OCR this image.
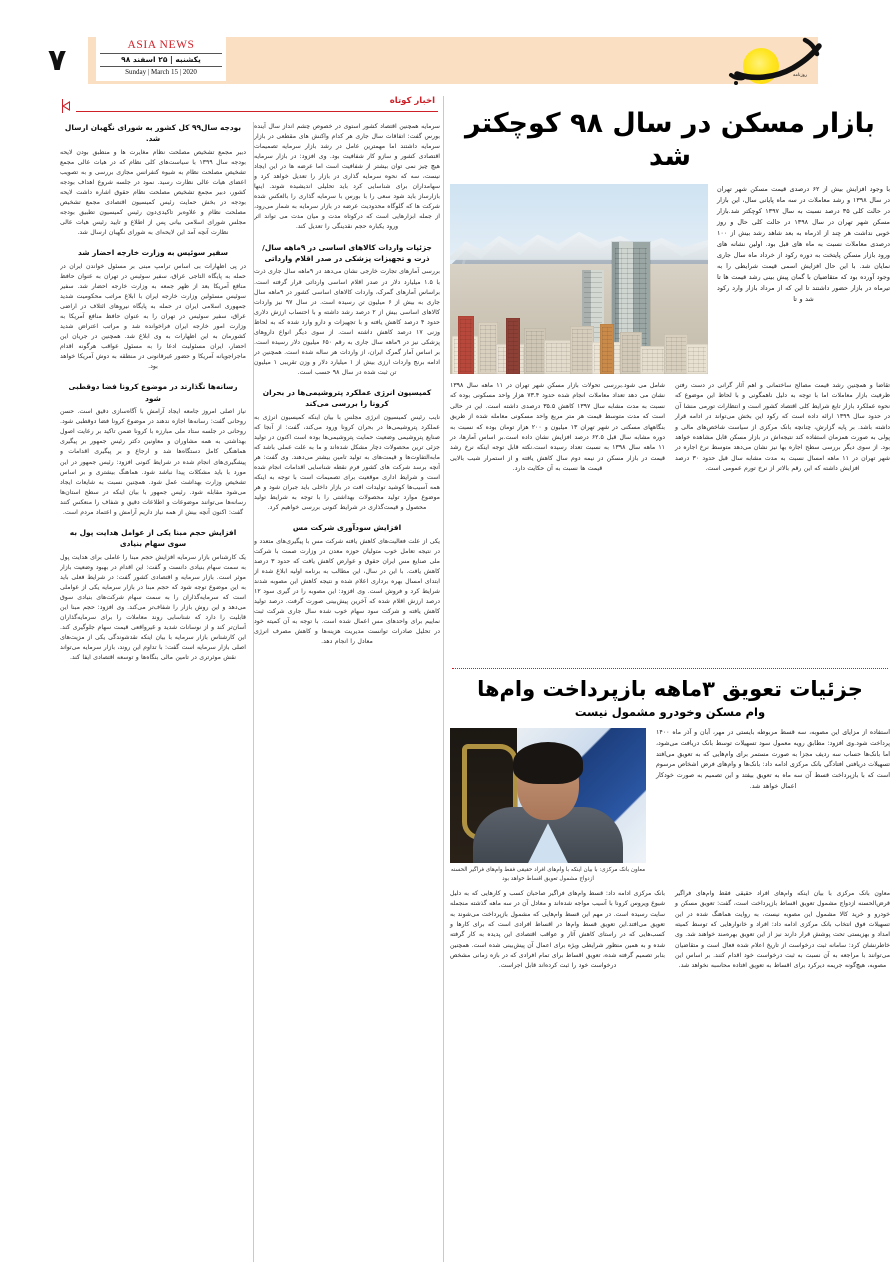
۷	ASIA NEWS
یکشنبه | ۲۵ اسفند ۹۸
Sunday | March 15 | 2020	روزنامه
اخبار کوتاه
سرمایه همچنین اقتصاد کشور استوی در خصوص چشم انداز سال آینده بورس گفت: اتفاقات سال جاری هر کدام واکنش های مقطعی در بازار سرمایه داشتند اما مهمترین عامل در رشد بازار سرمایه تصمیمات اقتصادی کشور و سازو کار شفافیت بود. وی افزود: در بازار سرمایه هیچ چیز نمی توان بیشتر از شفافیت است اما عرضه ها در این ایجاد نیست، سه که نحوه سرمایه گذاری در بازار را تعدیل خواهد کرد و سهامداران برای شناسایی کرد باید تحلیلی اندیشیده شوند. اینها بازارساز باید شود سعی را با بورس با سرمایه گذاری را بالعکس شده شرکت ها که گلوگاه محدودیت عرضه در بازار سرمایه به شمار می‌رود، از جمله ابزارهایی است که درکوتاه مدت و میان مدت می تواند اثر ورود یکباره حجم نقدینگی را تعدیل کند.
جزئیات واردات کالاهای اساسی در ۹ماهه سال/ ذرت و تجهیزات پزشکی در صدر اقلام وارداتی
بررسی آمارهای تجارت خارجی نشان می‌دهد در ۹ماهه سال جاری ذرت با ۱.۵ میلیارد دلار در صدر اقلام اساسی وارداتی قرار گرفته است. براساس آمارهای گمرک، واردات کالاهای اساسی کشور در ۹ماهه سال جاری به بیش از ۶ میلیون تن رسیده است. در سال ۹۷ نیز واردات کالاهای اساسی بیش از ۲ درصد رشد داشته و با احتساب ارزش دلاری حدود ۴ درصد کاهش یافته و با تجهیزات و دارو وارد شده که به لحاظ وزنی ۱۷ درصد کاهش داشته است. از سوی دیگر انواع داروهای پزشکی نیز در ۹ماهه سال جاری به رقم ۶۵۰ میلیون دلار رسیده است. بر اساس آمار گمرک ایران، از واردات هر ساله شده است. همچنین در ادامه برنج واردات ارزی بیش از ۱ میلیارد دلار و وزن تقریبی ۱ میلیون تن ثبت شده در سال ۹۸ حسب است.
کمیسیون انرژی عملکرد پتروشیمی‌ها در بحران کرونا را بررسی می‌کند
نایب رئیس کمیسیون انرژی مجلس با بیان اینکه کمیسیون انرژی به عملکرد پتروشیمی‌ها در بحران کرونا ورود می‌کند، گفت: از آنجا که صنایع پتروشیمی وضعیت حمایت پتروشیمی‌ها بوده است اکنون در تولید جزئی ترین محصولات دچار مشکل شده‌اند و ما به علت عملی باشد که مابه‌التفاوت‌ها و قیمت‌های به تولید تامین بیشتر می‌دهند. وی گفت: هر آنچه برسد شرکت های کشور فرم نقطه شناسایی اقدامات انجام شده است و شرایط اداری موقعیت برای تصمیمات است با توجه به اینکه همه آسیب‌ها کوشید تولیدات افت در بازار داخلی باید جبران شود و هر موضوع موارد تولید محصولات بهداشتی را با توجه به شرایط تولید محصول و قیمت‌گذاری در شرایط کنونی بررسی خواهیم کرد.
افزایش سودآوری شرکت مس
یکی از علت فعالیت‌های کاهش یافته شرکت مس با پیگیری‌های متعدد و در نتیجه تعامل خوب متولیان حوزه معدن در وزارت صمت با شرکت ملی صنایع مس ایران حقوق و عوارض کاهش یافت که حدود ۳ درصد کاهش یافت. با این در سال، این مطالب به برنامه اولیه ابلاغ شده از ابتدای امسال بهره برداری اعلام شده و نتیجه کاهش این مصوبه شدند شرایط کرد و فروش است. وی افزود: این مصوبه را در گیری سود ۱۲ درصد ارزش اقلام شده که آخرین پیش‌بینی صورت گرفت. درصد تولید کاهش یافته و شرکت سود سهام خوب شده سال جاری شرکت ثبت نماییم برای واحدهای مس اعمال شده است. با توجه به آن کمیته خود در تحلیل صادرات توانست مدیریت هزینه‌ها و کاهش مصرف انرژی معادل را انجام دهد.
بودجه سال۹۹ کل کشور به شورای نگهبان ارسال شد.
دبیر مجمع تشخیص مصلحت نظام مغایرت ها و منطبق بودن لایحه بودجه سال ۱۳۹۹ با سیاست‌های کلی نظام که در هیات عالی مجمع تشخیص مصلحت نظام به شیوه کنفرانس مجازی بررسی و به تصویب اعضای هیات عالی نظارت رسید. نمود در جلسه شروع اهداف بودجه کشور، دبیر مجمع تشخیص مصلحت نظام حقوق اشاره داشت لایحه بودجه در بخش حمایت رئیس کمیسیون اقتصادی مجمع تشخیص مصلحت نظام و علاوه‌بر تاکیدی‌دون رئیس کمیسیون تطبیق بودجه مجلس شورای اسلامی بیانی پس از اطلاع و تایید رئیس هیات عالی نظارت آنچه آمد این لایحه‌ای به شورای نگهبان ارسال شد.
سفیر سوئیس به وزارت خارجه احضار شد
در پی اظهارات بی اساس ترامپ مبنی بر مسئول خواندن ایران در حمله به پایگاه التاجی عراق، سفیر سوئیس در تهران به عنوان حافظ منافع آمریکا بعد از ظهر جمعه به وزارت خارجه احضار شد. سفیر سوئیس مسئولین وزارت خارجه ایران با ابلاغ مراتب محکومیت شدید جمهوری اسلامی ایران در حمله به پایگاه نیروهای ائتلاف در اراضی عراق، سفیر سوئیس در تهران را به عنوان حافظ منافع آمریکا به وزارت امور خارجه ایران فراخوانده شد و مراتب اعتراض شدید کشورمان به این اظهارات به وی ابلاغ شد. همچنین در جریان این احضار، ایران مسئولیت ادعا را به مسئول عواقب هرگونه اقدام ماجراجویانه آمریکا و حضور غیرقانونی در منطقه به دوش آمریکا خواهد بود.
رسانه‌ها نگذارند در موضوع کرونا فضا دوقطبی شود
نیاز اصلی امروز جامعه ایجاد آرامش با آگاه‌سازی دقیق است. حسن روحانی گفت: رسانه‌ها اجازه ندهند در موضوع کرونا فضا دوقطبی شود. روحانی در جلسه ستاد ملی مبارزه با کرونا ضمن تاکید بر رعایت اصول بهداشتی به همه مشاوران و معاونین دکتر رئیس جمهور بر پیگیری هماهنگی کامل دستگاه‌ها شد و ارجاع و بر پیگیری اقدامات و پیشگیری‌های انجام شده در شرایط کنونی افزود: رئیس جمهور در این مورد با باید مشکلات پیدا نباشد شود. هماهنگ بیشتری و بر اساس تشخیص وزارت بهداشت عمل شود. همچنین نسبت به شایعات ایجاد می‌شود مقابله شود. رئیس جمهور با بیان اینکه در سطح استان‌ها رسانه‌ها می‌توانند موضوعات و اطلاعات دقیق و شفاف را منعکس کنند گفت: اکنون آنچه بیش از همه نیاز داریم آرامش و اعتماد مردم است.
افزایش حجم مبنا یکی از عوامل هدایت پول به سوی سهام بنیادی
یک کارشناس بازار سرمایه افزایش حجم مبنا را عاملی برای هدایت پول به سمت سهام بنیادی دانست و گفت: این اقدام در بهبود وضعیت بازار موثر است. بازار سرمایه و اقتصادی کشور گفت: در شرایط فعلی باید به این موضوع توجه شود که حجم مبنا در بازار سرمایه یکی از عواملی است که سرمایه‌گذاران را به سمت سهام شرکت‌های بنیادی سوق می‌دهد و این روش بازار را شفاف‌تر می‌کند. وی افزود: حجم مبنا این قابلیت را دارد که شناسایی روند معاملات را برای سرمایه‌گذاران آسان‌تر کند و از نوسانات شدید و غیرواقعی قیمت سهام جلوگیری کند. این کارشناس بازار سرمایه با بیان اینکه نقدشوندگی یکی از مزیت‌های اصلی بازار سرمایه است گفت: با تداوم این روند، بازار سرمایه می‌تواند نقش موثرتری در تامین مالی بنگاه‌ها و توسعه اقتصادی ایفا کند.
بازار مسکن در سال ۹۸ کوچکتر شد
با وجود افزایش بیش از ۶۲ درصدی قیمت مسکن شهر تهران در سال ۱۳۹۸ و رشد معاملات در سه ماه پایانی سال، این بازار در حالت کلی ۳۵ درصد نسبت به سال ۱۳۹۷ کوچکتر شد.بازار مسکن شهر تهران در سال ۱۳۹۸ در حالت کلی حال و روز خوبی نداشت هر چند از اذرماه به بعد شاهد رشد بیش از ۱۰۰ درصدی معاملات نسبت به ماه های قبل بود. اولین نشانه های ورود بازار مسکن پایتخت به دوره رکود از خرداد ماه سال جاری نمایان شد. با این حال افزایش اسمی قیمت شرایطی را به وجود آورده بود که متقاضیان با گمان پیش بینی رشد قیمت ها تا تیرماه در بازار حضور داشتند تا این که از مرداد بازار وارد رکود شد و تا
شامل می شود.بررسی تحولات بازار مسکن شهر تهران در ۱۱ ماهه سال ۱۳۹۸ نشان می دهد تعداد معاملات انجام شده حدود ۷۳.۴ هزار واحد مسکونی بوده که نسبت به مدت مشابه سال ۱۳۹۷ کاهش ۳۵.۵ درصدی داشته است. این در حالی است که مدت متوسط قیمت هر متر مربع واحد مسکونی معامله شده از طریق بنگاههای مسکنی در شهر تهران ۱۳ میلیون و ۲۰۰ هزار تومان بوده که نسبت به دوره مشابه سال قبل ۶۲.۵ درصد افزایش نشان داده است.بر اساس آمارها، در ۱۱ ماهه سال ۱۳۹۸ به نسبت تعداد رسیده است.نکته قابل توجه اینکه نرخ رشد قیمت در بازار مسکن در نیمه دوم سال کاهش یافته و از استمرار شیب بالایی قیمت ها نسبت به آن حکایت دارد.
تقاضا و همچنین رشد قیمت مصالح ساختمانی و اهم آثار گرانی در دست رفتن ظرفیت بازار معاملات اما با توجه به دلیل ناهمگونی و با لحاظ این موضوع که نحوه عملکرد بازار تابع شرایط کلی اقتصاد کشور است و انتظارات تورمی منشا آن در حدود سال ۱۳۹۹ ارائه داده است که رکود این بخش می‌تواند در ادامه قرار داشته باشد. بر پایه گزارش، چنانچه بانک مرکزی از سیاست شاخص‌های مالی و پولی به صورت همزمان استفاده کند نتیجه‌اش در بازار مسکن قابل مشاهده خواهد بود. از سوی دیگر بررسی سطح اجاره بها نیز نشان می‌دهد متوسط نرخ اجاره در شهر تهران در ۱۱ ماهه امسال نسبت به مدت مشابه سال قبل حدود ۳۰ درصد افزایش داشته که این رقم بالاتر از نرخ تورم عمومی است.
جزئیات تعویق ۳ماهه بازپرداخت وام‌ها
وام مسکن وخودرو مشمول نیست
معاون بانک مرکزی: با بیان اینکه با وام‌های افراد حقیقی فقط وام‌های فراگیر الحسنه ازدواج مشمول تعویق اقساط خواهد بود
استفاده از مزایای این مصوبه، سه قسط مربوطه بایستی در مهر، آبان و آذر ماه ۱۴۰۰ پرداخت شود.وی افزود: مطابق رویه معمول سود تسهیلات توسط بانک دریافت می‌شود، اما بانک‌ها حساب سه ردیف مجزا به صورت مستمر برای وام‌هایی که به تعویق می‌افتد تسهیلات دریافتی افتادگی بانک مرکزی ادامه داد: بانک‌ها و وام‌های فرض اشخاص مرسوم است که با بازپرداخت قسط آن سه ماه به تعویق بیفتد و این تصمیم به صورت خودکار اعمال خواهد شد.
بانک مرکزی ادامه داد: قسط وام‌های فراگیر صاحبان کسب و کارهایی که به دلیل شیوع ویروس کرونا با آسیب مواجه شده‌اند و معادل آن در سه ماهه گذشته منجمله سایت رسیده است. در مهم این قسط وام‌هایی که مشمول بازپرداخت می‌شوند به تعویق می‌افتد.این تعویق قسط وام‌ها در اقساط افرادی است که برای کارها و کسب‌هایی که در راستای کاهش آثار و عواقب اقتصادی این پدیده به کار گرفته شده و به همین منظور شرایطی ویژه برای اعمال آن پیش‌بینی شده است. همچنین بنابر تصمیم گرفته شده، تعویق اقساط برای تمام افرادی که در بازه زمانی مشخص درخواست خود را ثبت کرده‌اند قابل اجراست.
معاون بانک مرکزی با بیان اینکه وام‌های افراد حقیقی فقط وام‌های فراگیر قرض‌الحسنه ازدواج مشمول تعویق اقساط بازپرداخت است، گفت: تعویق مسکن و خودرو و خرید کالا مشمول این مصوبه نیست، به روایت هماهنگ شده در این تسهیلات فوق انتخاب بانک مرکزی ادامه داد: افراد و خانوارهایی که توسط کمیته امداد و بهزیستی تحت پوشش قرار دارند نیز از این تعویق بهره‌مند خواهند شد. وی خاطرنشان کرد: سامانه ثبت درخواست از تاریخ اعلام شده فعال است و متقاضیان می‌توانند با مراجعه به آن نسبت به ثبت درخواست خود اقدام کنند. بر اساس این مصوبه، هیچ‌گونه جریمه دیرکرد برای اقساط به تعویق افتاده محاسبه نخواهد شد.
